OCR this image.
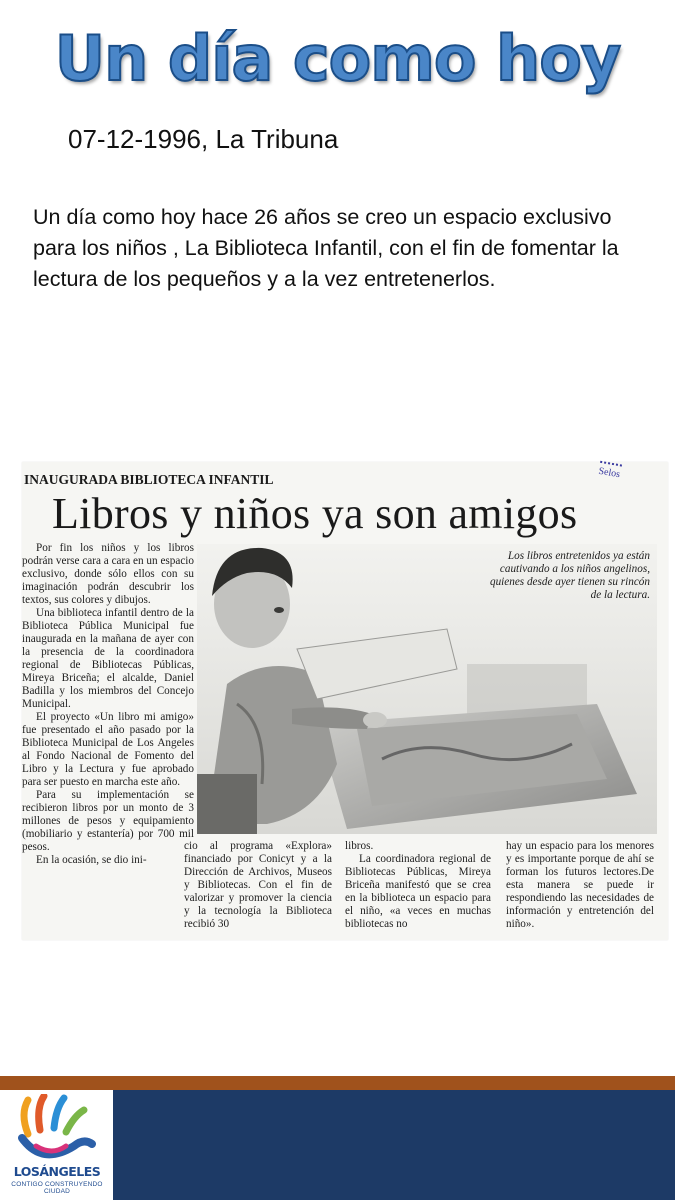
Un día como hoy
07-12-1996, La Tribuna
Un día como hoy hace 26 años se creo un espacio exclusivo para los niños , La Biblioteca Infantil, con el fin de fomentar la lectura de los pequeños y a la vez entretenerlos.
INAUGURADA BIBLIOTECA INFANTIL	Selos
Libros y niños ya son amigos

Por fin los niños y los libros podrán verse cara a cara en un espacio exclusivo, donde sólo ellos con su imaginación podrán descubrir los textos, sus colores y dibujos.

Una biblioteca infantil dentro de la Biblioteca Pública Municipal fue inaugurada en la mañana de ayer con la presencia de la coordinadora regional de Bibliotecas Públicas, Mireya Briceña; el alcalde, Daniel Badilla y los miembros del Concejo Municipal.

El proyecto «Un libro mi amigo» fue presentado el año pasado por la Biblioteca Municipal de Los Angeles al Fondo Nacional de Fomento del Libro y la Lectura y fue aprobado para ser puesto en marcha este año.

Para su implementación se recibieron libros por un monto de 3 millones de pesos y equipamiento (mobiliario y estantería) por 700 mil pesos.

En la ocasión, se dio ini-

Los libros entretenidos ya están cautivando a los niños angelinos, quienes desde ayer tienen su rincón de la lectura.

cio al programa «Explora» financiado por Conicyt y a la Dirección de Archivos, Museos y Bibliotecas. Con el fin de valorizar y promover la ciencia y la tecnología la Biblioteca recibió 30

libros.

La coordinadora regional de Bibliotecas Públicas, Mireya Briceña manifestó que se crea en la biblioteca un espacio para el niño, «a veces en muchas bibliotecas no

hay un espacio para los menores y es importante porque de ahí se forman los futuros lectores.De esta manera se puede ir respondiendo las necesidades de información y entretención del niño».

LOSÁNGELES
CONTIGO CONSTRUYENDO CIUDAD
